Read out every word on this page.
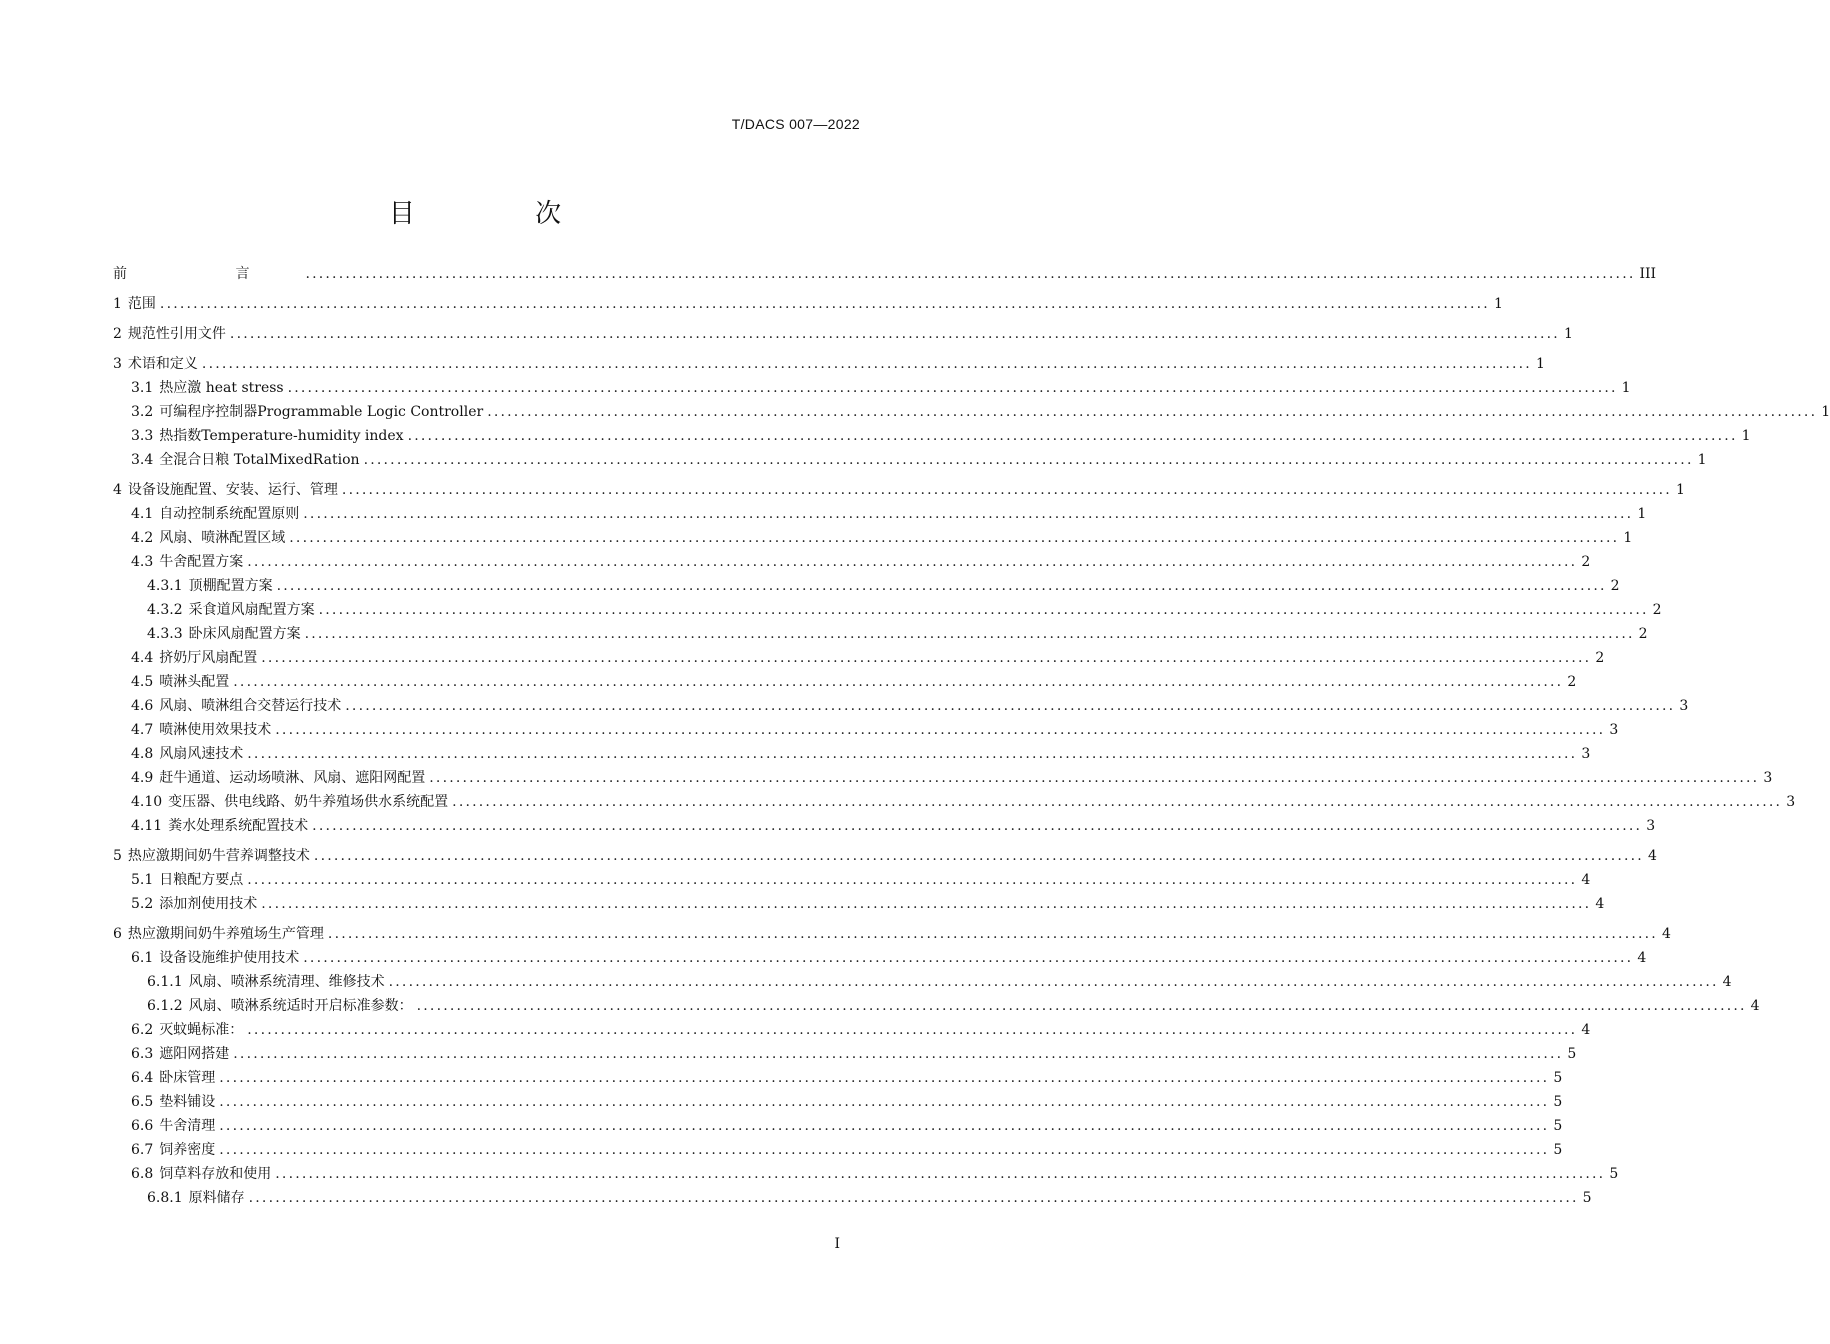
T/DACS 007—2022
目 次
前 言 ........................................................................................................................................................................................................ III
1 范围 ........................................................................................................................................................................................................ 1
2 规范性引用文件 ........................................................................................................................................................................................................ 1
3 术语和定义 ........................................................................................................................................................................................................ 1
3.1 热应激 heat stress ........................................................................................................................................................................................................ 1
3.2 可编程序控制器Programmable Logic Controller ........................................................................................................................................................................................................ 1
3.3 热指数Temperature-humidity index ........................................................................................................................................................................................................ 1
3.4 全混合日粮 TotalMixedRation ........................................................................................................................................................................................................ 1
4 设备设施配置、安装、运行、管理 ........................................................................................................................................................................................................ 1
4.1 自动控制系统配置原则 ........................................................................................................................................................................................................ 1
4.2 风扇、喷淋配置区域 ........................................................................................................................................................................................................ 1
4.3 牛舍配置方案 ........................................................................................................................................................................................................ 2
4.3.1 顶棚配置方案 ........................................................................................................................................................................................................ 2
4.3.2 采食道风扇配置方案 ........................................................................................................................................................................................................ 2
4.3.3 卧床风扇配置方案 ........................................................................................................................................................................................................ 2
4.4 挤奶厅风扇配置 ........................................................................................................................................................................................................ 2
4.5 喷淋头配置 ........................................................................................................................................................................................................ 2
4.6 风扇、喷淋组合交替运行技术 ........................................................................................................................................................................................................ 3
4.7 喷淋使用效果技术 ........................................................................................................................................................................................................ 3
4.8 风扇风速技术 ........................................................................................................................................................................................................ 3
4.9 赶牛通道、运动场喷淋、风扇、遮阳网配置 ........................................................................................................................................................................................................ 3
4.10 变压器、供电线路、奶牛养殖场供水系统配置 ........................................................................................................................................................................................................ 3
4.11 粪水处理系统配置技术 ........................................................................................................................................................................................................ 3
5 热应激期间奶牛营养调整技术 ........................................................................................................................................................................................................ 4
5.1 日粮配方要点 ........................................................................................................................................................................................................ 4
5.2 添加剂使用技术 ........................................................................................................................................................................................................ 4
6 热应激期间奶牛养殖场生产管理 ........................................................................................................................................................................................................ 4
6.1 设备设施维护使用技术 ........................................................................................................................................................................................................ 4
6.1.1 风扇、喷淋系统清理、维修技术 ........................................................................................................................................................................................................ 4
6.1.2 风扇、喷淋系统适时开启标准参数： ........................................................................................................................................................................................................ 4
6.2 灭蚊蝇标准： ........................................................................................................................................................................................................ 4
6.3 遮阳网搭建 ........................................................................................................................................................................................................ 5
6.4 卧床管理 ........................................................................................................................................................................................................ 5
6.5 垫料铺设 ........................................................................................................................................................................................................ 5
6.6 牛舍清理 ........................................................................................................................................................................................................ 5
6.7 饲养密度 ........................................................................................................................................................................................................ 5
6.8 饲草料存放和使用 ........................................................................................................................................................................................................ 5
6.8.1 原料储存 ........................................................................................................................................................................................................ 5
I
